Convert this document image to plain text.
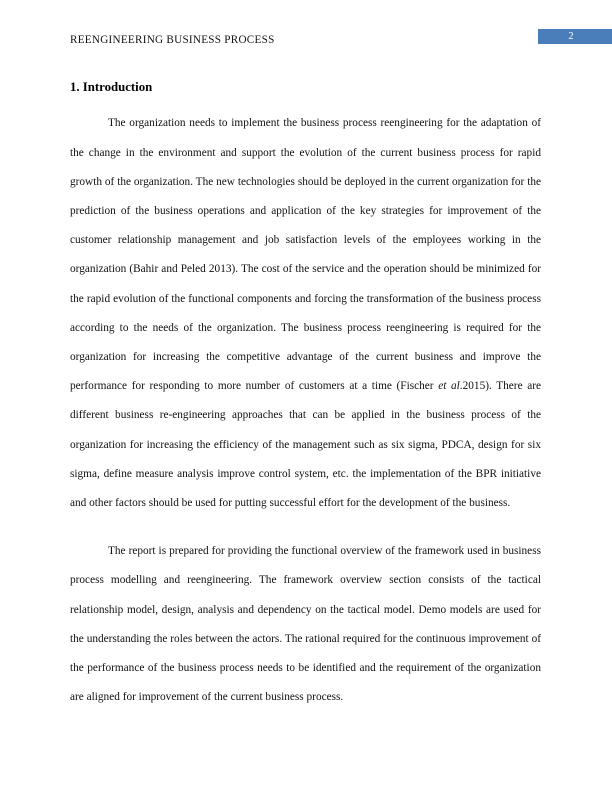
REENGINEERING BUSINESS PROCESS	2
1. Introduction

The organization needs to implement the business process reengineering for the adaptation of the change in the environment and support the evolution of the current business process for rapid growth of the organization. The new technologies should be deployed in the current organization for the prediction of the business operations and application of the key strategies for improvement of the customer relationship management and job satisfaction levels of the employees working in the organization (Bahir and Peled 2013). The cost of the service and the operation should be minimized for the rapid evolution of the functional components and forcing the transformation of the business process according to the needs of the organization. The business process reengineering is required for the organization for increasing the competitive advantage of the current business and improve the performance for responding to more number of customers at a time (Fischer et al.2015). There are different business re-engineering approaches that can be applied in the business process of the organization for increasing the efficiency of the management such as six sigma, PDCA, design for six sigma, define measure analysis improve control system, etc. the implementation of the BPR initiative and other factors should be used for putting successful effort for the development of the business.

The report is prepared for providing the functional overview of the framework used in business process modelling and reengineering. The framework overview section consists of the tactical relationship model, design, analysis and dependency on the tactical model. Demo models are used for the understanding the roles between the actors. The rational required for the continuous improvement of the performance of the business process needs to be identified and the requirement of the organization are aligned for improvement of the current business process.
